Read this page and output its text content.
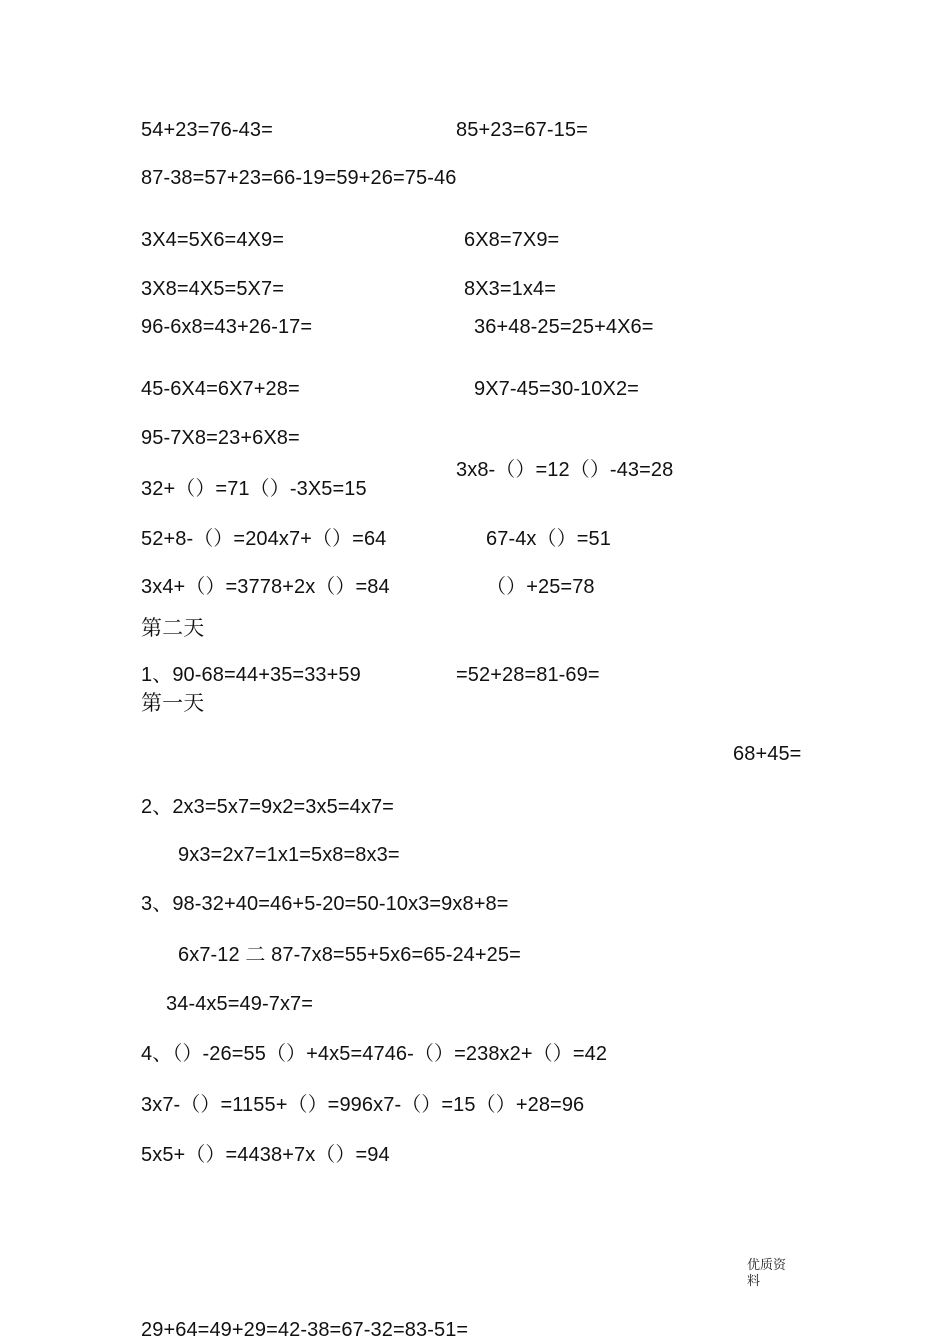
54+23=76-43=	85+23=67-15=
87-38=57+23=66-19=59+26=75-46
3X4=5X6=4X9=	6X8=7X9=
3X8=4X5=5X7=	8X3=1x4=
96-6x8=43+26-17=	36+48-25=25+4X6=
45-6X4=6X7+28=	9X7-45=30-10X2=
95-7X8=23+6X8=
32+（）=71（）-3X5=15
3x8-（）=12（）-43=28
52+8-（）=204x7+（）=64	67-4x（）=51
3x4+（）=3778+2x（）=84	（）+25=78
第二天
1、90-68=44+35=33+59	=52+28=81-69=
第一天
68+45=
2、2x3=5x7=9x2=3x5=4x7=
9x3=2x7=1x1=5x8=8x3=
3、98-32+40=46+5-20=50-10x3=9x8+8=
6x7-12 二 87-7x8=55+5x6=65-24+25=
34-4x5=49-7x7=
4、（）-26=55（）+4x5=4746-（）=238x2+（）=42
3x7-（）=1155+（）=996x7-（）=15（）+28=96
5x5+（）=4438+7x（）=94
优质资料
29+64=49+29=42-38=67-32=83-51=
